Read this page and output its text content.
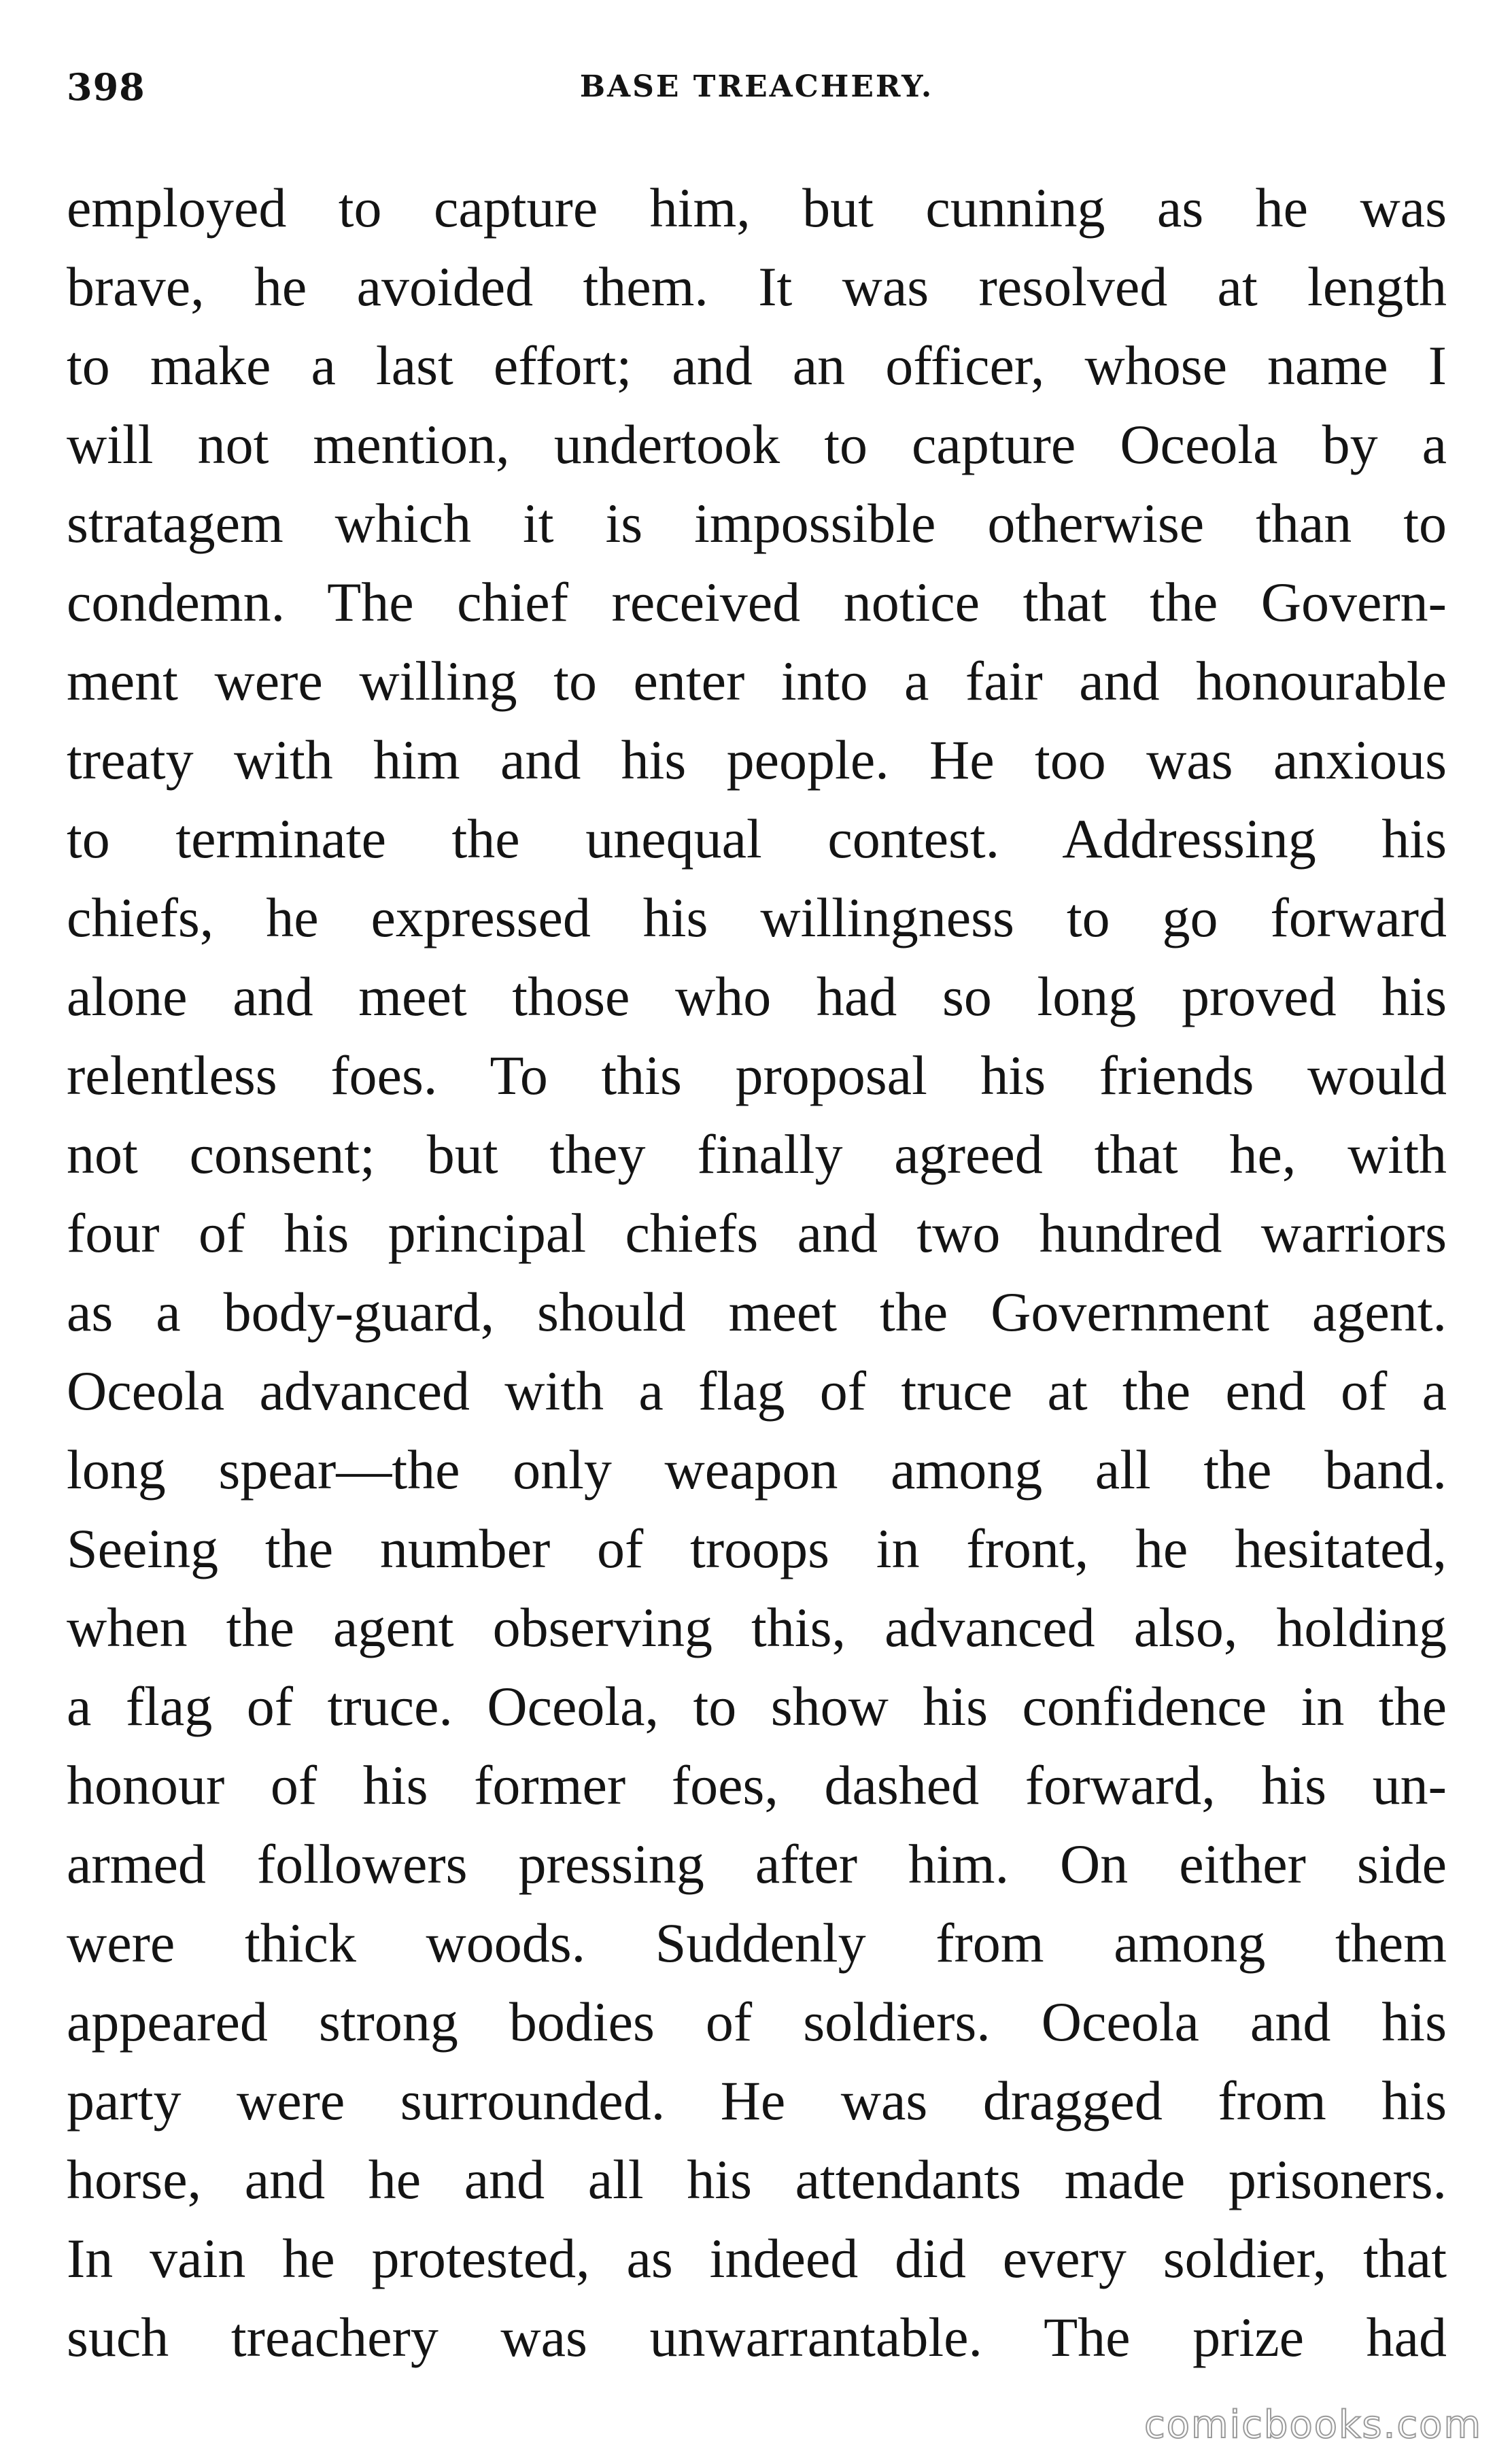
398	BASE TREACHERY.
employed to capture him, but cunning as he was
brave, he avoided them. It was resolved at length
to make a last effort; and an officer, whose name I
will not mention, undertook to capture Oceola by a
stratagem which it is impossible otherwise than to
condemn. The chief received notice that the Govern-
ment were willing to enter into a fair and honourable
treaty with him and his people. He too was anxious
to terminate the unequal contest. Addressing his
chiefs, he expressed his willingness to go forward
alone and meet those who had so long proved his
relentless foes. To this proposal his friends would
not consent; but they finally agreed that he, with
four of his principal chiefs and two hundred warriors
as a body-guard, should meet the Government agent.
Oceola advanced with a flag of truce at the end of a
long spear—the only weapon among all the band.
Seeing the number of troops in front, he hesitated,
when the agent observing this, advanced also, holding
a flag of truce. Oceola, to show his confidence in the
honour of his former foes, dashed forward, his un-
armed followers pressing after him. On either side
were thick woods. Suddenly from among them
appeared strong bodies of soldiers. Oceola and his
party were surrounded. He was dragged from his
horse, and he and all his attendants made prisoners.
In vain he protested, as indeed did every soldier, that
such treachery was unwarrantable. The prize had
comicbooks.com
